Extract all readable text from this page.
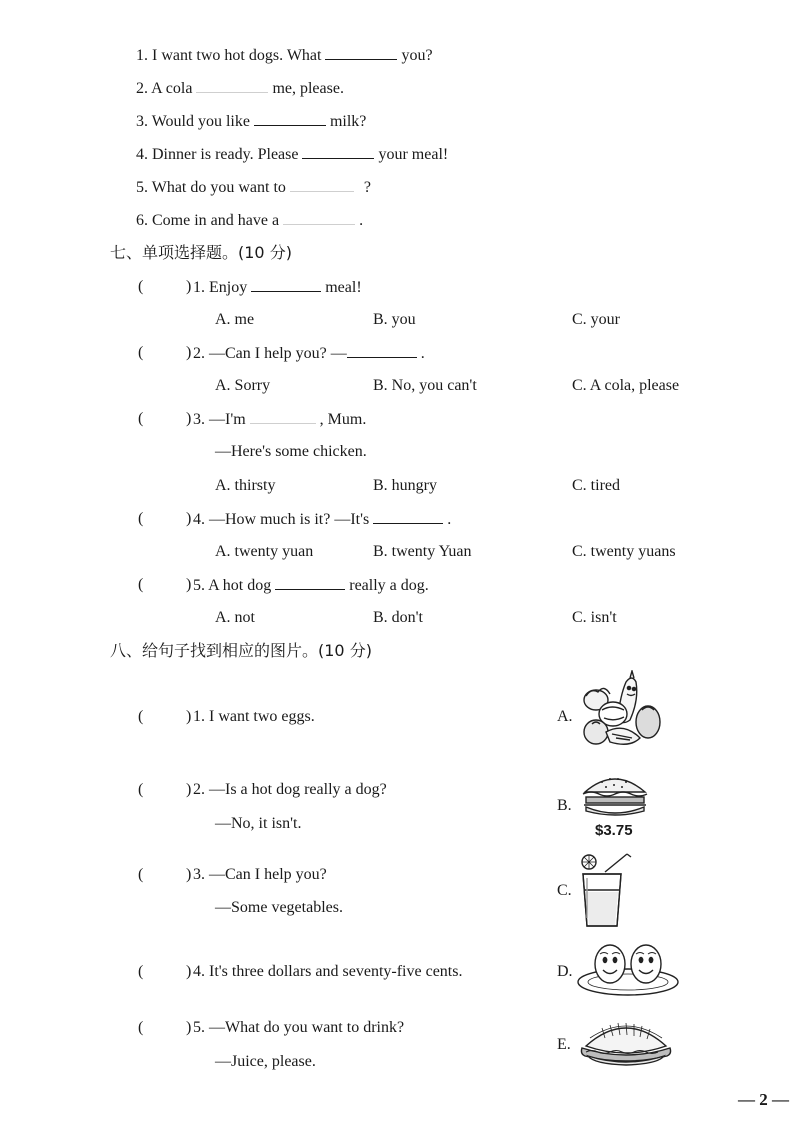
1. I want two hot dogs. What	you?
2. A cola	me, please.
3. Would you like	milk?
4. Dinner is ready. Please	your meal!
5. What do you want to	?
6. Come in and have a	.
七、单项选择题。(10 分)
(	) 1. Enjoy	meal!
A. me	B. you	C. your
(	) 2. —Can I help you? —	.
A. Sorry	B. No, you can't	C. A cola, please
(	) 3. —I'm	, Mum.
—Here's some chicken.
A. thirsty	B. hungry	C. tired
(	) 4. —How much is it? —It's	.
A. twenty yuan	B. twenty Yuan	C. twenty yuans
(	) 5. A hot dog	really a dog.
A. not	B. don't	C. isn't
八、给句子找到相应的图片。(10 分)
(	) 1. I want two eggs.
(	) 2. —Is a hot dog really a dog?
—No, it isn't.
(	) 3. —Can I help you?
—Some vegetables.
(	) 4. It's three dollars and seventy-five cents.
(	) 5. —What do you want to drink?
—Juice, please.
A.
B.
$3.75
C.
D.
E.
— 2 —
